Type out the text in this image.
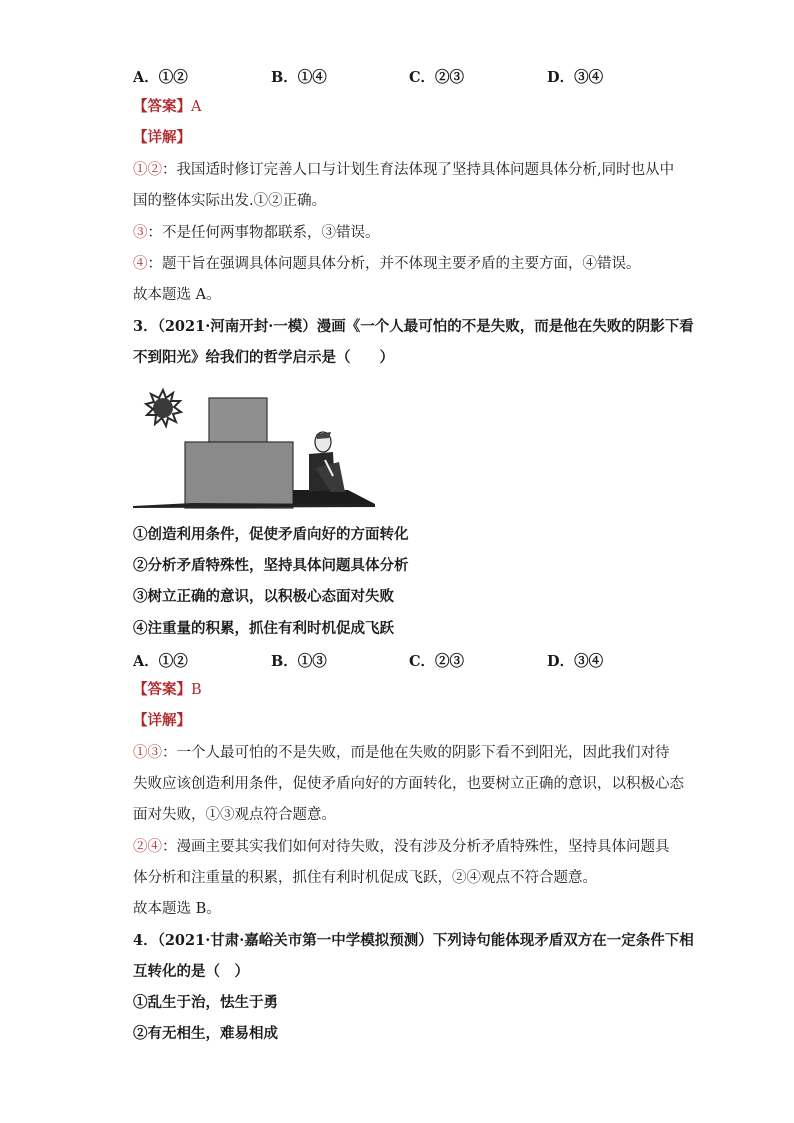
A．①②	B．①④	C．②③	D．③④
【答案】A
【详解】
①②：我国适时修订完善人口与计划生育法体现了坚持具体问题具体分析,同时也从中
国的整体实际出发.①②正确。
③：不是任何两事物都联系，③错误。
④：题干旨在强调具体问题具体分析，并不体现主要矛盾的主要方面，④错误。
故本题选 A。
3．（2021·河南开封·一模）漫画《一个人最可怕的不是失败，而是他在失败的阴影下看
不到阳光》给我们的哲学启示是（　　）
①创造利用条件，促使矛盾向好的方面转化
②分析矛盾特殊性，坚持具体问题具体分析
③树立正确的意识，以积极心态面对失败
④注重量的积累，抓住有利时机促成飞跃
A．①②	B．①③	C．②③	D．③④
【答案】B
【详解】
①③：一个人最可怕的不是失败，而是他在失败的阴影下看不到阳光，因此我们对待
失败应该创造利用条件，促使矛盾向好的方面转化，也要树立正确的意识，以积极心态
面对失败，①③观点符合题意。
②④：漫画主要其实我们如何对待失败，没有涉及分析矛盾特殊性，坚持具体问题具
体分析和注重量的积累，抓住有利时机促成飞跃，②④观点不符合题意。
故本题选 B。
4．（2021·甘肃·嘉峪关市第一中学模拟预测）下列诗句能体现矛盾双方在一定条件下相
互转化的是（　）
①乱生于治，怯生于勇
②有无相生，难易相成
